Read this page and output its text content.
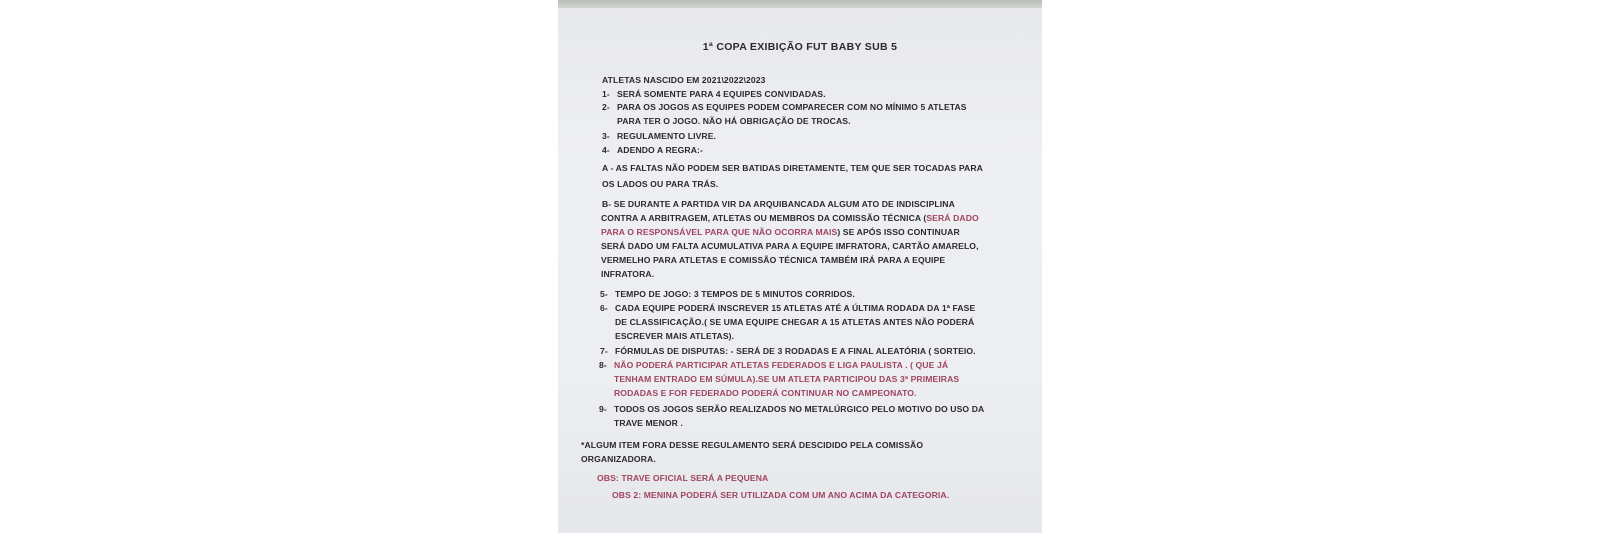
1ª COPA EXIBIÇÃO FUT BABY SUB 5
ATLETAS NASCIDO EM 2021\2022\2023
1- SERÁ SOMENTE PARA 4 EQUIPES CONVIDADAS.
2- PARA OS JOGOS AS EQUIPES PODEM COMPARECER COM NO MÍNIMO 5 ATLETAS
PARA TER O JOGO. NÃO HÁ OBRIGAÇÃO DE TROCAS.
3- REGULAMENTO LIVRE.
4- ADENDO A REGRA:-
A - AS FALTAS NÃO PODEM SER BATIDAS DIRETAMENTE, TEM QUE SER TOCADAS PARA
OS LADOS OU PARA TRÁS.
B- SE DURANTE A PARTIDA VIR DA ARQUIBANCADA ALGUM ATO DE INDISCIPLINA
CONTRA A ARBITRAGEM, ATLETAS OU MEMBROS DA COMISSÃO TÉCNICA (SERÁ DADO
PARA O RESPONSÁVEL PARA QUE NÃO OCORRA MAIS) SE APÓS ISSO CONTINUAR
SERÁ DADO UM FALTA ACUMULATIVA PARA A EQUIPE IMFRATORA, CARTÃO AMARELO,
VERMELHO PARA ATLETAS E COMISSÃO TÉCNICA TAMBÉM IRÁ PARA A EQUIPE
INFRATORA.
5- TEMPO DE JOGO: 3 TEMPOS DE 5 MINUTOS CORRIDOS.
6- CADA EQUIPE PODERÁ INSCREVER 15 ATLETAS ATÉ A ÚLTIMA RODADA DA 1ª FASE
DE CLASSIFICAÇÃO.( SE UMA EQUIPE CHEGAR A 15 ATLETAS ANTES NÃO PODERÁ
ESCREVER MAIS ATLETAS).
7- FÓRMULAS DE DISPUTAS: - SERÁ DE 3 RODADAS E A FINAL ALEATÓRIA ( SORTEIO.
8- NÃO PODERÁ PARTICIPAR ATLETAS FEDERADOS E LIGA PAULISTA . ( QUE JÁ
TENHAM ENTRADO EM SÚMULA).SE UM ATLETA PARTICIPOU DAS 3ª PRIMEIRAS
RODADAS E FOR FEDERADO PODERÁ CONTINUAR NO CAMPEONATO.
9- TODOS OS JOGOS SERÃO REALIZADOS NO METALÚRGICO PELO MOTIVO DO USO DA
TRAVE MENOR .
*ALGUM ITEM FORA DESSE REGULAMENTO SERÁ DESCIDIDO PELA COMISSÃO
ORGANIZADORA.
OBS: TRAVE OFICIAL SERÁ A PEQUENA
OBS 2: MENINA PODERÁ SER UTILIZADA COM UM ANO ACIMA DA CATEGORIA.
